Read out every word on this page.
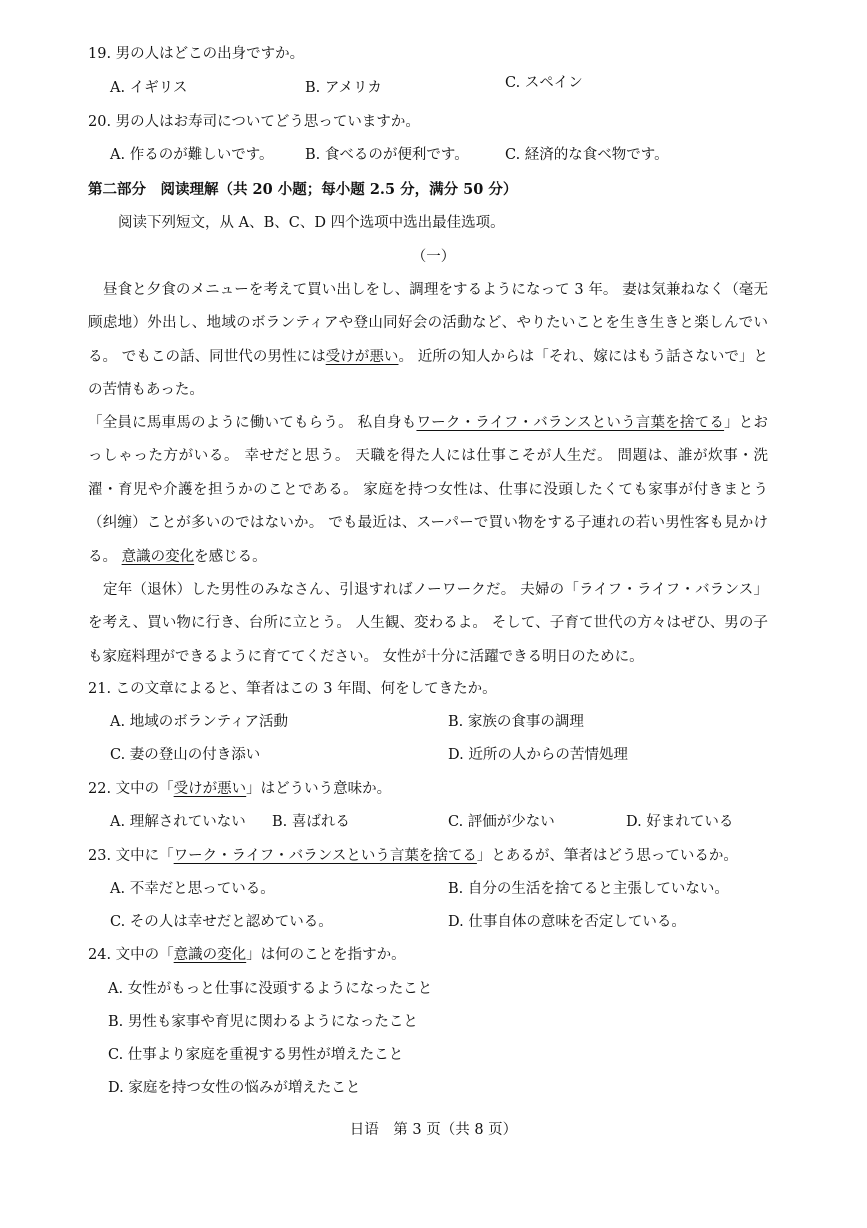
19. 男の人はどこの出身ですか。
A. イギリス	B. アメリカ	C. スペイン
20. 男の人はお寿司についてどう思っていますか。
A. 作るのが難しいです。 B. 食べるのが便利です。	C. 経済的な食べ物です。
第二部分　阅读理解（共 20 小题；每小题 2.5 分，满分 50 分）
阅读下列短文，从 A、B、C、D 四个选项中选出最佳选项。
（一）
昼食と夕食のメニューを考えて買い出しをし、調理をするようになって 3 年。 妻は気兼ねなく（毫无顾虑地）外出し、地域のボランティアや登山同好会の活動など、やりたいことを生き生きと楽しんでいる。 でもこの話、同世代の男性には受けが悪い。 近所の知人からは「それ、嫁にはもう話さないで」との苦情もあった。
「全員に馬車馬のように働いてもらう。 私自身もワーク・ライフ・バランスという言葉を捨てる」とおっしゃった方がいる。 幸せだと思う。 天職を得た人には仕事こそが人生だ。 問題は、誰が炊事・洗濯・育児や介護を担うかのことである。 家庭を持つ女性は、仕事に没頭したくても家事が付きまとう（纠缠）ことが多いのではないか。 でも最近は、スーパーで買い物をする子連れの若い男性客も見かける。 意識の変化を感じる。
定年（退休）した男性のみなさん、引退すればノーワークだ。 夫婦の「ライフ・ライフ・バランス」を考え、買い物に行き、台所に立とう。 人生観、変わるよ。 そして、子育て世代の方々はぜひ、男の子も家庭料理ができるように育ててください。 女性が十分に活躍できる明日のために。
21. この文章によると、筆者はこの 3 年間、何をしてきたか。
A. 地域のボランティア活動	B. 家族の食事の調理
C. 妻の登山の付き添い	D. 近所の人からの苦情処理
22. 文中の「受けが悪い」はどういう意味か。
A. 理解されていない B. 喜ばれる	C. 評価が少ない	D. 好まれている
23. 文中に「ワーク・ライフ・バランスという言葉を捨てる」とあるが、筆者はどう思っているか。
A. 不幸だと思っている。	B. 自分の生活を捨てると主張していない。
C. その人は幸せだと認めている。	D. 仕事自体の意味を否定している。
24. 文中の「意識の変化」は何のことを指すか。
A. 女性がもっと仕事に没頭するようになったこと
B. 男性も家事や育児に関わるようになったこと
C. 仕事より家庭を重視する男性が増えたこと
D. 家庭を持つ女性の悩みが増えたこと
日语　第 3 页（共 8 页）
